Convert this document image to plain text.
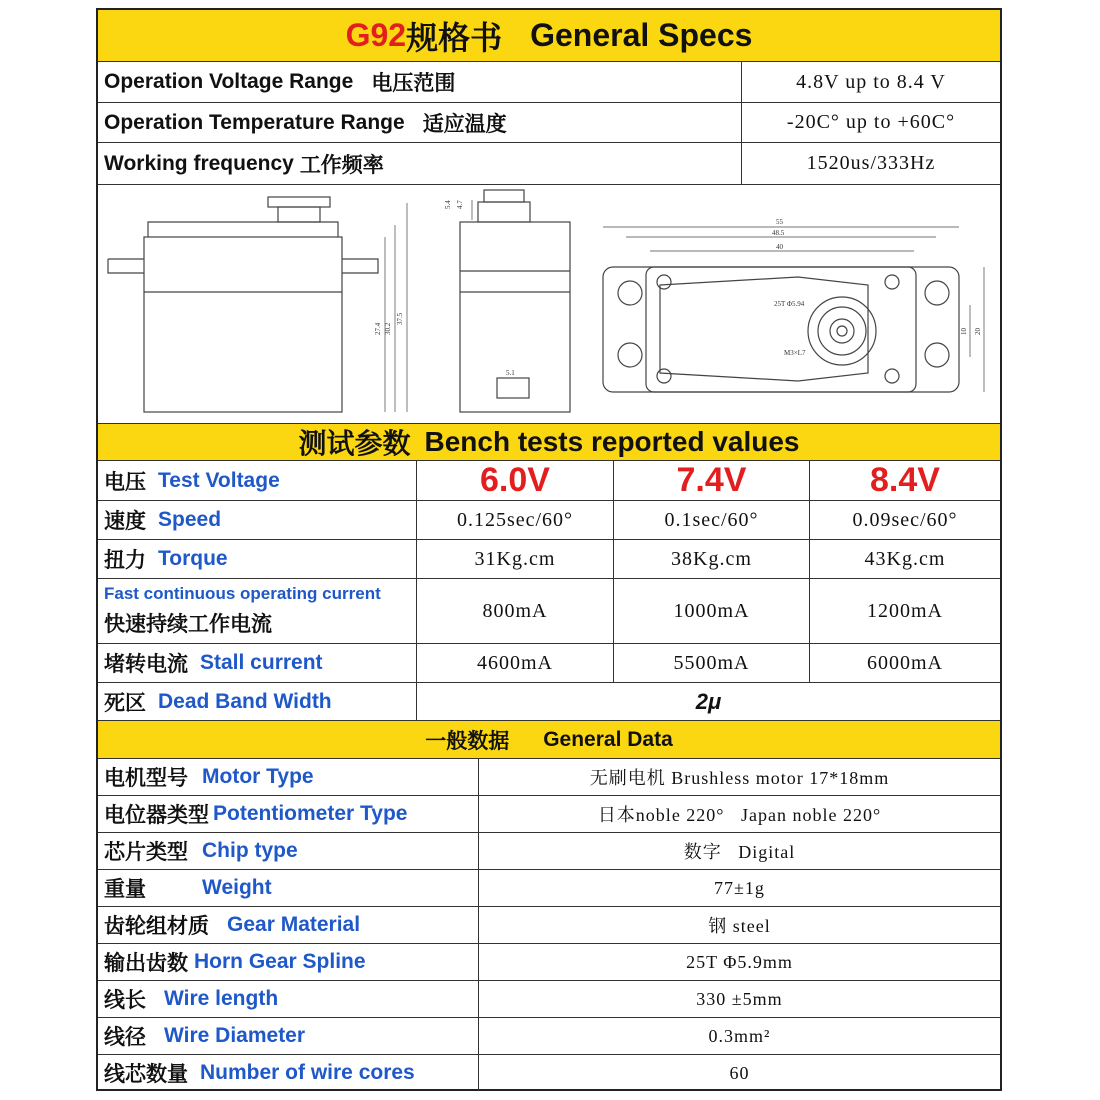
G92 规格书 General Specs
Operation Voltage Range 电压范围	4.8V up to 8.4 V
Operation Temperature Range 适应温度	-20C° up to +60C°
Working frequency 工作频率	1520us/333Hz
27.4 30.2
37.5
5.4 4.7
5.1
55
48.5
40
10 20
25T Φ5.94
M3×L7
测试参数 Bench tests reported values
电压 Test Voltage	6.0V	7.4V	8.4V
速度 Speed	0.125sec/60°	0.1sec/60°	0.09sec/60°
扭力 Torque	31Kg.cm	38Kg.cm	43Kg.cm
Fast continuous operating current
快速持续工作电流
800mA	1000mA	1200mA
堵转电流 Stall current	4600mA	5500mA	6000mA
死区 Dead Band Width	2μ
一般数据 General Data
电机型号 Motor Type	无刷电机 Brushless motor 17*18mm
电位器类型 Potentiometer Type	日本noble 220°   Japan noble 220°
芯片类型 Chip type	数字   Digital
重量	Weight	77±1g
齿轮组材质 Gear Material	钢 steel
输出齿数 Horn Gear Spline	25T Φ5.9mm
线长 Wire length	330 ±5mm
线径 Wire Diameter	0.3mm²
线芯数量 Number of wire cores	60
